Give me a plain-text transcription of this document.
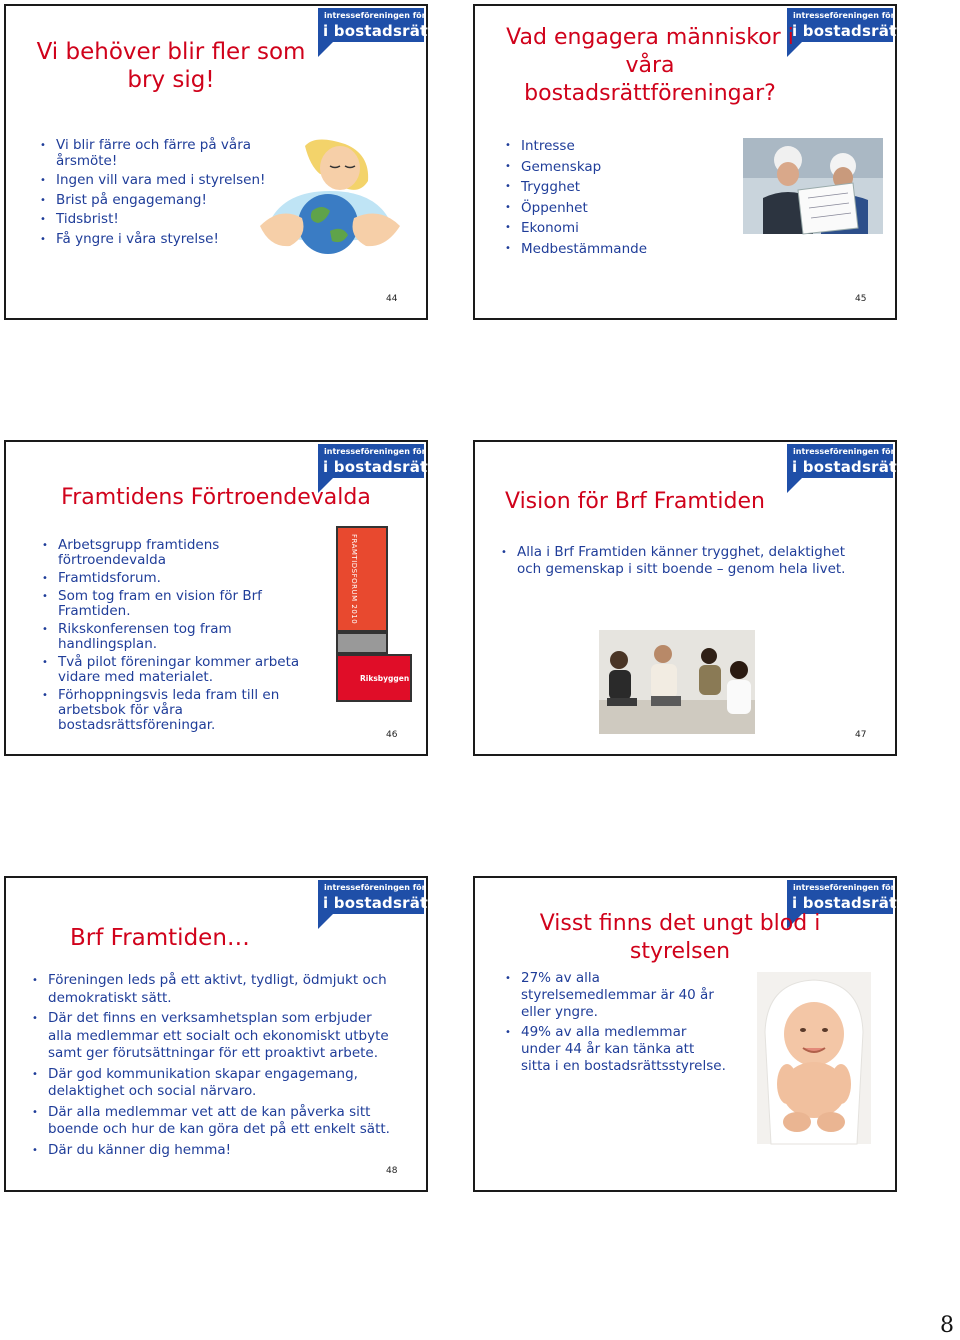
intresseföreningen för dig
i bostadsrätt
Vi behöver blir fler som bry sig!
• Vi blir färre och färre på våra årsmöte!
• Ingen vill vara med i styrelsen!
• Brist på engagemang!
• Tidsbrist!
• Få yngre i våra styrelse!
44
intresseföreningen för dig
i bostadsrätt
Vad engagera människor i våra bostadsrättföreningar?
• Intresse
• Gemenskap
• Trygghet
• Öppenhet
• Ekonomi
• Medbestämmande
45
intresseföreningen för dig
i bostadsrätt
Framtidens Förtroendevalda
• Arbetsgrupp framtidens förtroendevalda
• Framtidsforum.
• Som tog fram en vision för Brf Framtiden.
• Rikskonferensen tog fram handlingsplan.
• Två pilot föreningar kommer arbeta vidare med materialet.
• Förhoppningsvis leda fram till en arbetsbok för våra bostadsrättsföreningar.
FRAMTIDSFORUM 2010
Riksbyggen
46
intresseföreningen för dig
i bostadsrätt
Vision för Brf Framtiden
• Alla i Brf Framtiden känner trygghet, delaktighet och gemenskap i sitt boende – genom hela livet.
47
intresseföreningen för dig
i bostadsrätt
Brf Framtiden…
• Föreningen leds på ett aktivt, tydligt, ödmjukt och demokratiskt sätt.
• Där det finns en verksamhetsplan som erbjuder alla medlemmar ett socialt och ekonomiskt utbyte samt ger förutsättningar för ett proaktivt arbete.
• Där god kommunikation skapar engagemang, delaktighet och social närvaro.
• Där alla medlemmar vet att de kan påverka sitt boende och hur de kan göra det på ett enkelt sätt.
• Där du känner dig hemma!
48
intresseföreningen för dig
i bostadsrätt
Visst finns det ungt blod i styrelsen
• 27% av alla styrelsemedlemmar är 40 år eller yngre.
• 49% av alla medlemmar under 44 år kan tänka att sitta i en bostadsrättsstyrelse.
8
